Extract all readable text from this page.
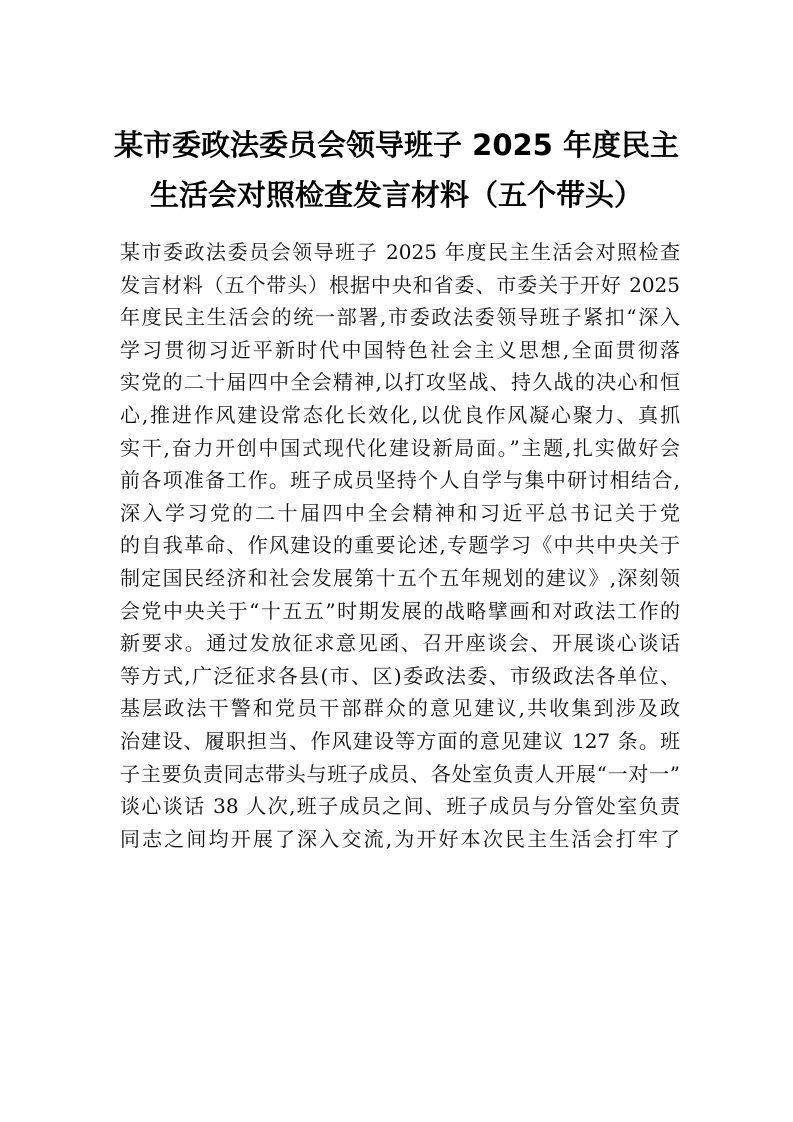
某市委政法委员会领导班子 2025 年度民主
生活会对照检查发言材料（五个带头）
某市委政法委员会领导班子 2025 年度民主生活会对照检查
发言材料（五个带头）根据中央和省委、市委关于开好 2025
年度民主生活会的统一部署,市委政法委领导班子紧扣“深入
学习贯彻习近平新时代中国特色社会主义思想,全面贯彻落
实党的二十届四中全会精神,以打攻坚战、持久战的决心和恒
心,推进作风建设常态化长效化,以优良作风凝心聚力、真抓
实干,奋力开创中国式现代化建设新局面。”主题,扎实做好会
前各项准备工作。班子成员坚持个人自学与集中研讨相结合,
深入学习党的二十届四中全会精神和习近平总书记关于党
的自我革命、作风建设的重要论述,专题学习《中共中央关于
制定国民经济和社会发展第十五个五年规划的建议》,深刻领
会党中央关于“十五五”时期发展的战略擘画和对政法工作的
新要求。通过发放征求意见函、召开座谈会、开展谈心谈话
等方式,广泛征求各县(市、区)委政法委、市级政法各单位、
基层政法干警和党员干部群众的意见建议,共收集到涉及政
治建设、履职担当、作风建设等方面的意见建议 127 条。班
子主要负责同志带头与班子成员、各处室负责人开展“一对一”
谈心谈话 38 人次,班子成员之间、班子成员与分管处室负责
同志之间均开展了深入交流,为开好本次民主生活会打牢了
